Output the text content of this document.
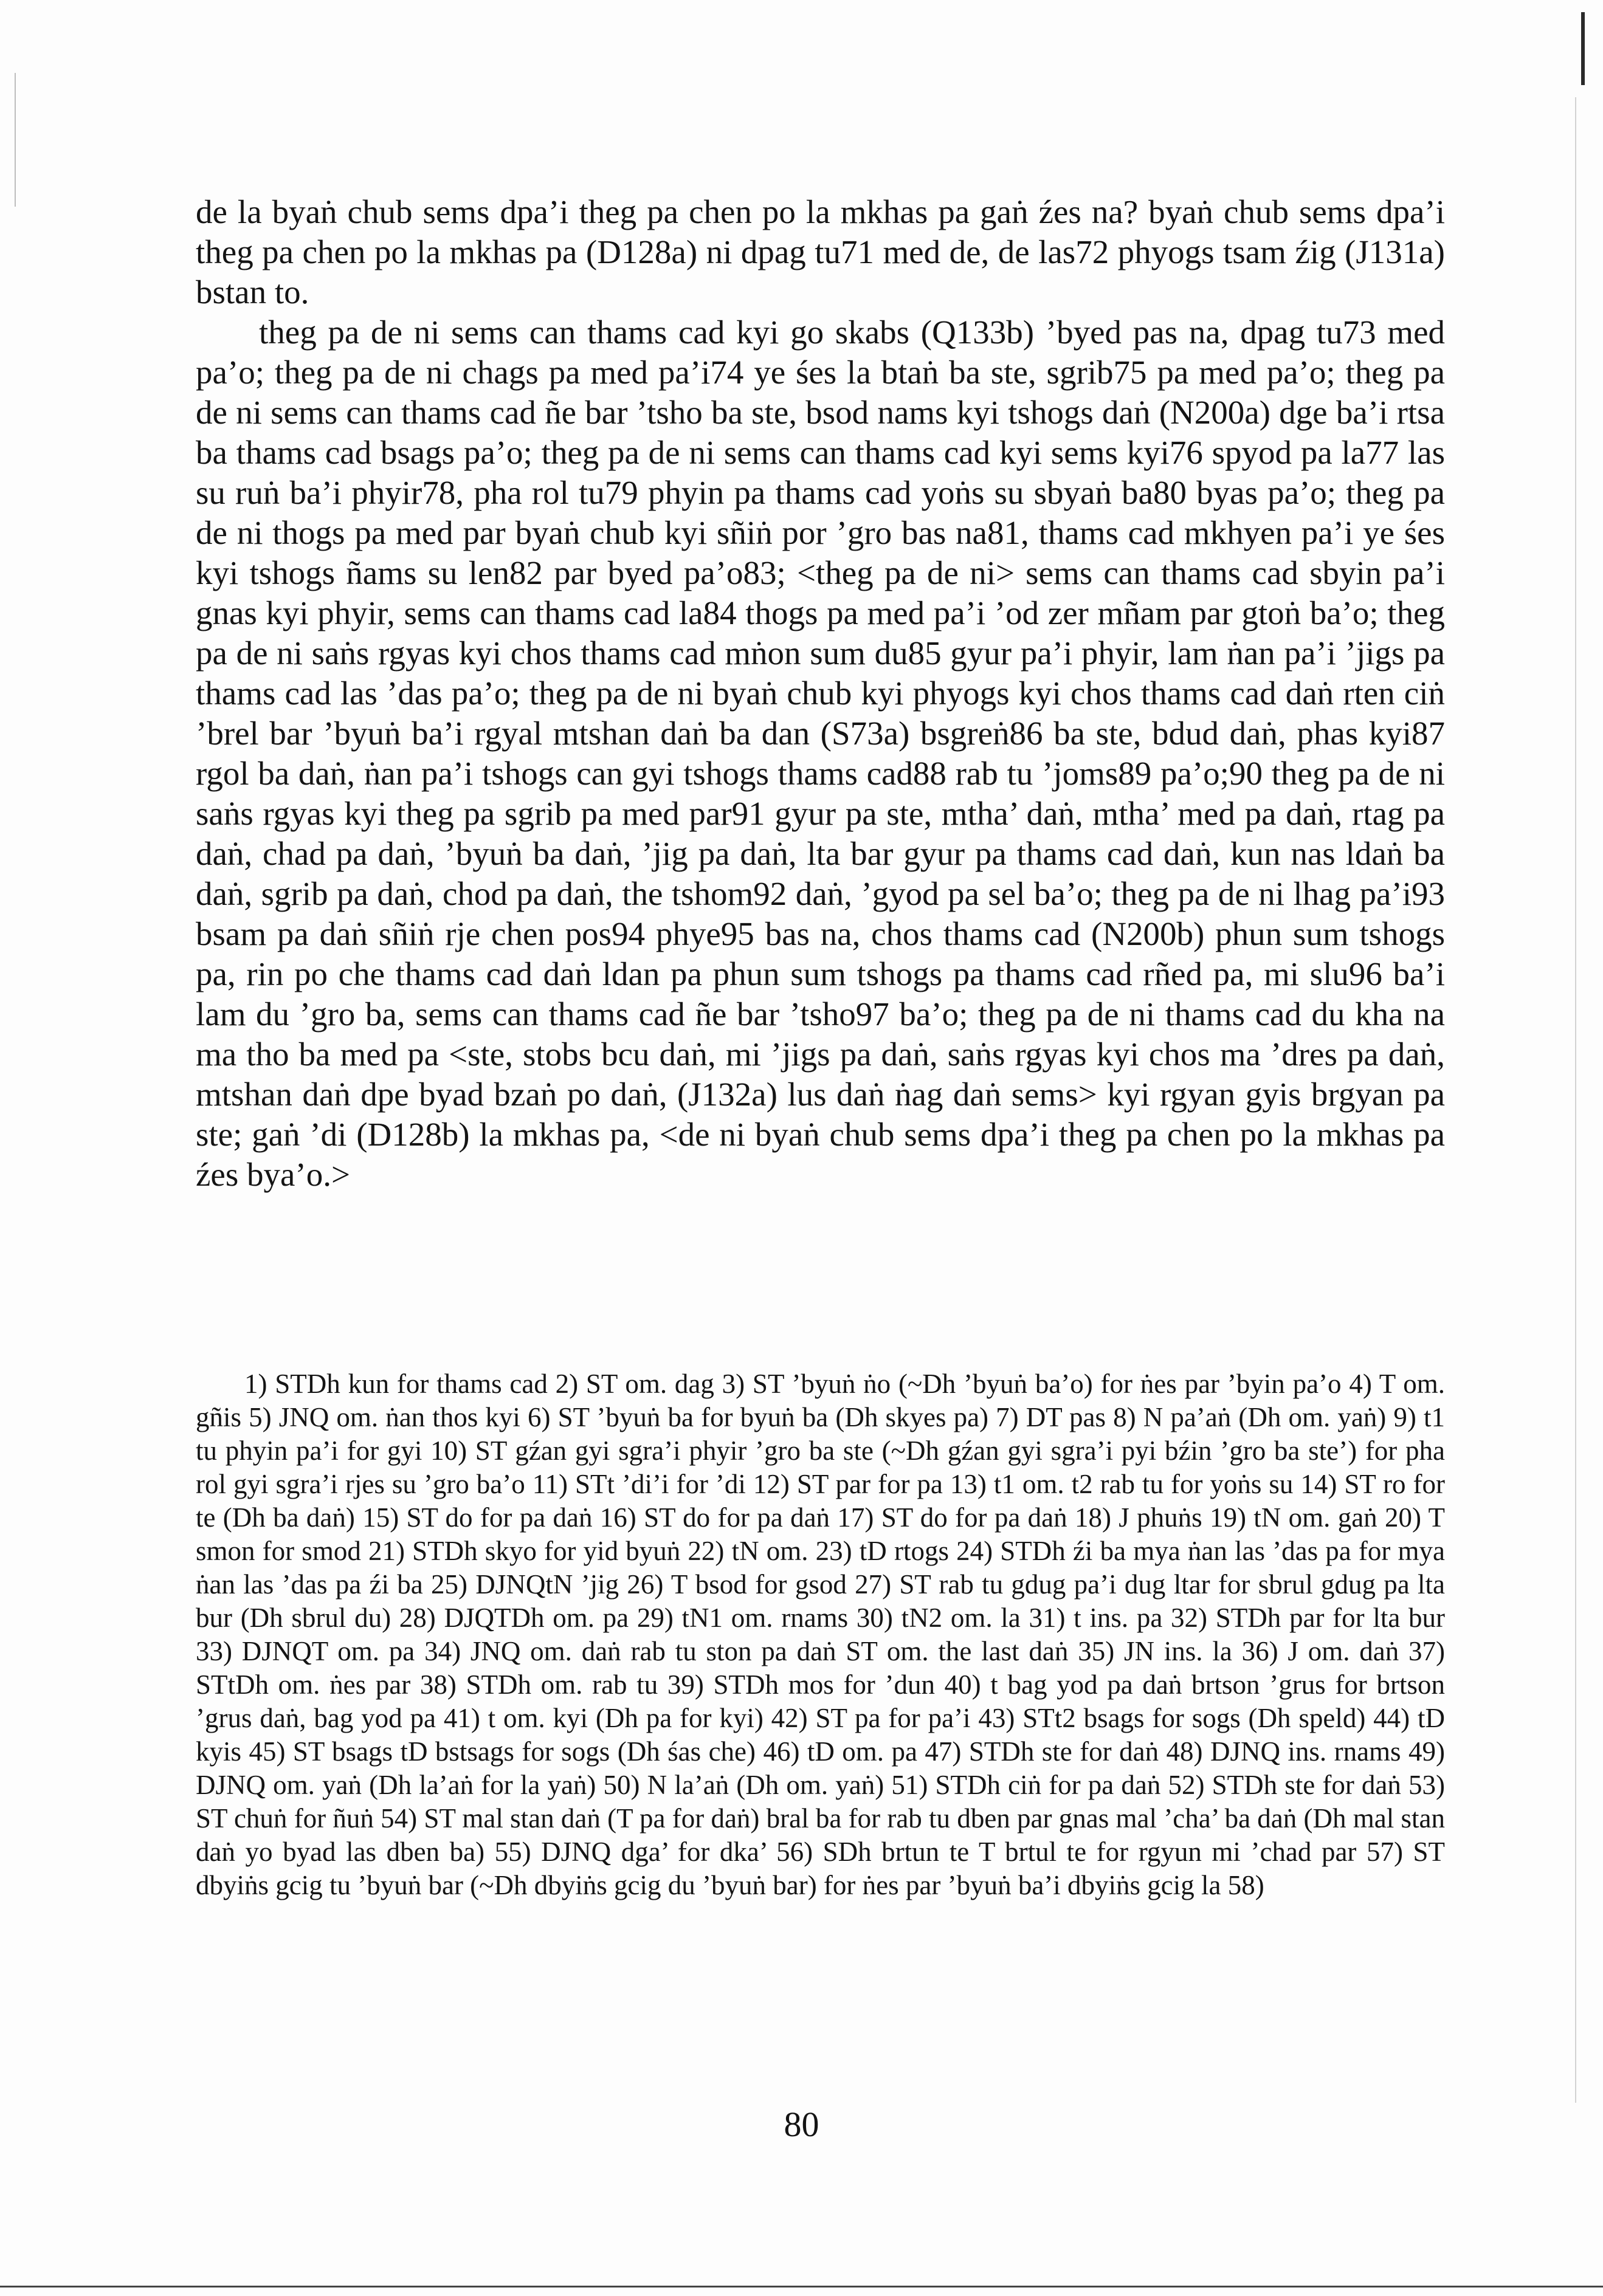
de la byaṅ chub sems dpa’i theg pa chen po la mkhas pa gaṅ źes na? byaṅ chub sems dpa’i theg pa chen po la mkhas pa (D128a) ni dpag tu71 med de, de las72 phyogs tsam źig (J131a) bstan to.

theg pa de ni sems can thams cad kyi go skabs (Q133b) ’byed pas na, dpag tu73 med pa’o; theg pa de ni chags pa med pa’i74 ye śes la btaṅ ba ste, sgrib75 pa med pa’o; theg pa de ni sems can thams cad ñe bar ’tsho ba ste, bsod nams kyi tshogs daṅ (N200a) dge ba’i rtsa ba thams cad bsags pa’o; theg pa de ni sems can thams cad kyi sems kyi76 spyod pa la77 las su ruṅ ba’i phyir78, pha rol tu79 phyin pa thams cad yoṅs su sbyaṅ ba80 byas pa’o; theg pa de ni thogs pa med par byaṅ chub kyi sñiṅ por ’gro bas na81, thams cad mkhyen pa’i ye śes kyi tshogs ñams su len82 par byed pa’o83; <theg pa de ni> sems can thams cad sbyin pa’i gnas kyi phyir, sems can thams cad la84 thogs pa med pa’i ’od zer mñam par gtoṅ ba’o; theg pa de ni saṅs rgyas kyi chos thams cad mṅon sum du85 gyur pa’i phyir, lam ṅan pa’i ’jigs pa thams cad las ’das pa’o; theg pa de ni byaṅ chub kyi phyogs kyi chos thams cad daṅ rten ciṅ ’brel bar ’byuṅ ba’i rgyal mtshan daṅ ba dan (S73a) bsgreṅ86 ba ste, bdud daṅ, phas kyi87 rgol ba daṅ, ṅan pa’i tshogs can gyi tshogs thams cad88 rab tu ’joms89 pa’o;90 theg pa de ni saṅs rgyas kyi theg pa sgrib pa med par91 gyur pa ste, mtha’ daṅ, mtha’ med pa daṅ, rtag pa daṅ, chad pa daṅ, ’byuṅ ba daṅ, ’jig pa daṅ, lta bar gyur pa thams cad daṅ, kun nas ldaṅ ba daṅ, sgrib pa daṅ, chod pa daṅ, the tshom92 daṅ, ’gyod pa sel ba’o; theg pa de ni lhag pa’i93 bsam pa daṅ sñiṅ rje chen pos94 phye95 bas na, chos thams cad (N200b) phun sum tshogs pa, rin po che thams cad daṅ ldan pa phun sum tshogs pa thams cad rñed pa, mi slu96 ba’i lam du ’gro ba, sems can thams cad ñe bar ’tsho97 ba’o; theg pa de ni thams cad du kha na ma tho ba med pa <ste, stobs bcu daṅ, mi ’jigs pa daṅ, saṅs rgyas kyi chos ma ’dres pa daṅ, mtshan daṅ dpe byad bzaṅ po daṅ, (J132a) lus daṅ ṅag daṅ sems> kyi rgyan gyis brgyan pa ste; gaṅ ’di (D128b) la mkhas pa, <de ni byaṅ chub sems dpa’i theg pa chen po la mkhas pa źes bya’o.>

1) STDh kun for thams cad 2) ST om. dag 3) ST ’byuṅ ṅo (~Dh ’byuṅ ba’o) for ṅes par ’byin pa’o 4) T om. gñis 5) JNQ om. ṅan thos kyi 6) ST ’byuṅ ba for byuṅ ba (Dh skyes pa) 7) DT pas 8) N pa’aṅ (Dh om. yaṅ) 9) t1 tu phyin pa’i for gyi 10) ST gźan gyi sgra’i phyir ’gro ba ste (~Dh gźan gyi sgra’i pyi bźin ’gro ba ste’) for pha rol gyi sgra’i rjes su ’gro ba’o 11) STt ’di’i for ’di 12) ST par for pa 13) t1 om. t2 rab tu for yoṅs su 14) ST ro for te (Dh ba daṅ) 15) ST do for pa daṅ 16) ST do for pa daṅ 17) ST do for pa daṅ 18) J phuṅs 19) tN om. gaṅ 20) T smon for smod 21) STDh skyo for yid byuṅ 22) tN om. 23) tD rtogs 24) STDh źi ba mya ṅan las ’das pa for mya ṅan las ’das pa źi ba 25) DJNQtN ’jig 26) T bsod for gsod 27) ST rab tu gdug pa’i dug ltar for sbrul gdug pa lta bur (Dh sbrul du) 28) DJQTDh om. pa 29) tN1 om. rnams 30) tN2 om. la 31) t ins. pa 32) STDh par for lta bur 33) DJNQT om. pa 34) JNQ om. daṅ rab tu ston pa daṅ ST om. the last daṅ 35) JN ins. la 36) J om. daṅ 37) STtDh om. ṅes par 38) STDh om. rab tu 39) STDh mos for ’dun 40) t bag yod pa daṅ brtson ’grus for brtson ’grus daṅ, bag yod pa 41) t om. kyi (Dh pa for kyi) 42) ST pa for pa’i 43) STt2 bsags for sogs (Dh speld) 44) tD kyis 45) ST bsags tD bstsags for sogs (Dh śas che) 46) tD om. pa 47) STDh ste for daṅ 48) DJNQ ins. rnams 49) DJNQ om. yaṅ (Dh la’aṅ for la yaṅ) 50) N la’aṅ (Dh om. yaṅ) 51) STDh ciṅ for pa daṅ 52) STDh ste for daṅ 53) ST chuṅ for ñuṅ 54) ST mal stan daṅ (T pa for daṅ) bral ba for rab tu dben par gnas mal ’cha’ ba daṅ (Dh mal stan daṅ yo byad las dben ba) 55) DJNQ dga’ for dka’ 56) SDh brtun te T brtul te for rgyun mi ’chad par 57) ST dbyiṅs gcig tu ’byuṅ bar (~Dh dbyiṅs gcig du ’byuṅ bar) for ṅes par ’byuṅ ba’i dbyiṅs gcig la 58)

80
